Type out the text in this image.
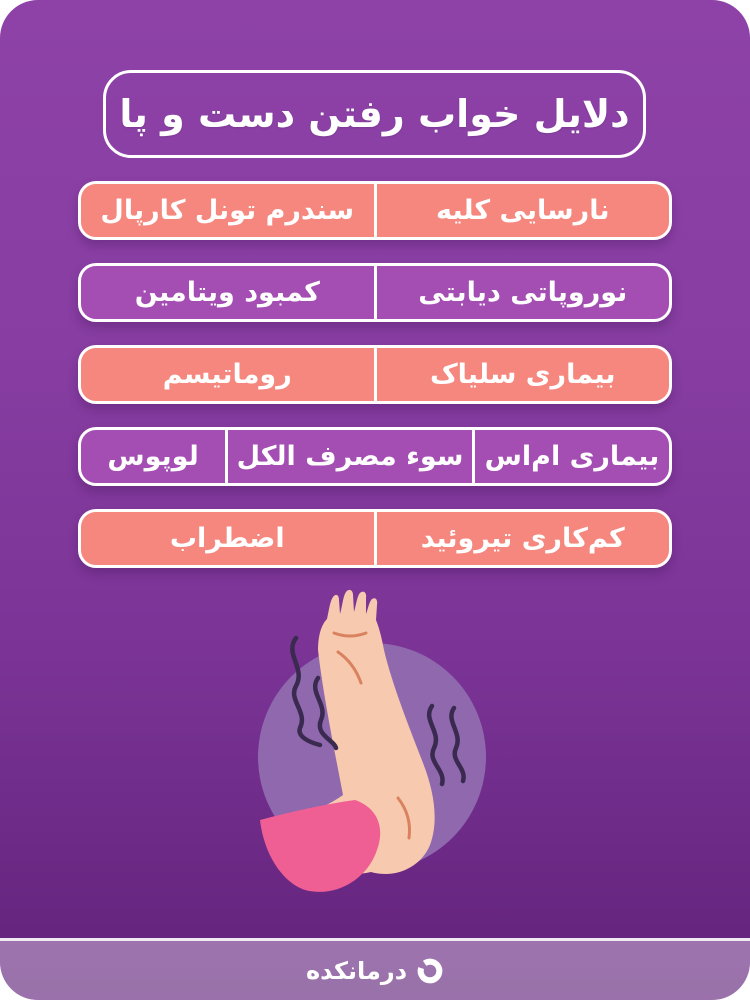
دلایل خواب رفتن دست و پا
نارسایی کلیه
سندرم تونل کارپال
نوروپاتی دیابتی
کمبود ویتامین
بیماری سلیاک
روماتیسم
بیماری ام‌اس
سوء مصرف الکل
لوپوس
کم‌کاری تیروئید
اضطراب
درمانکده
